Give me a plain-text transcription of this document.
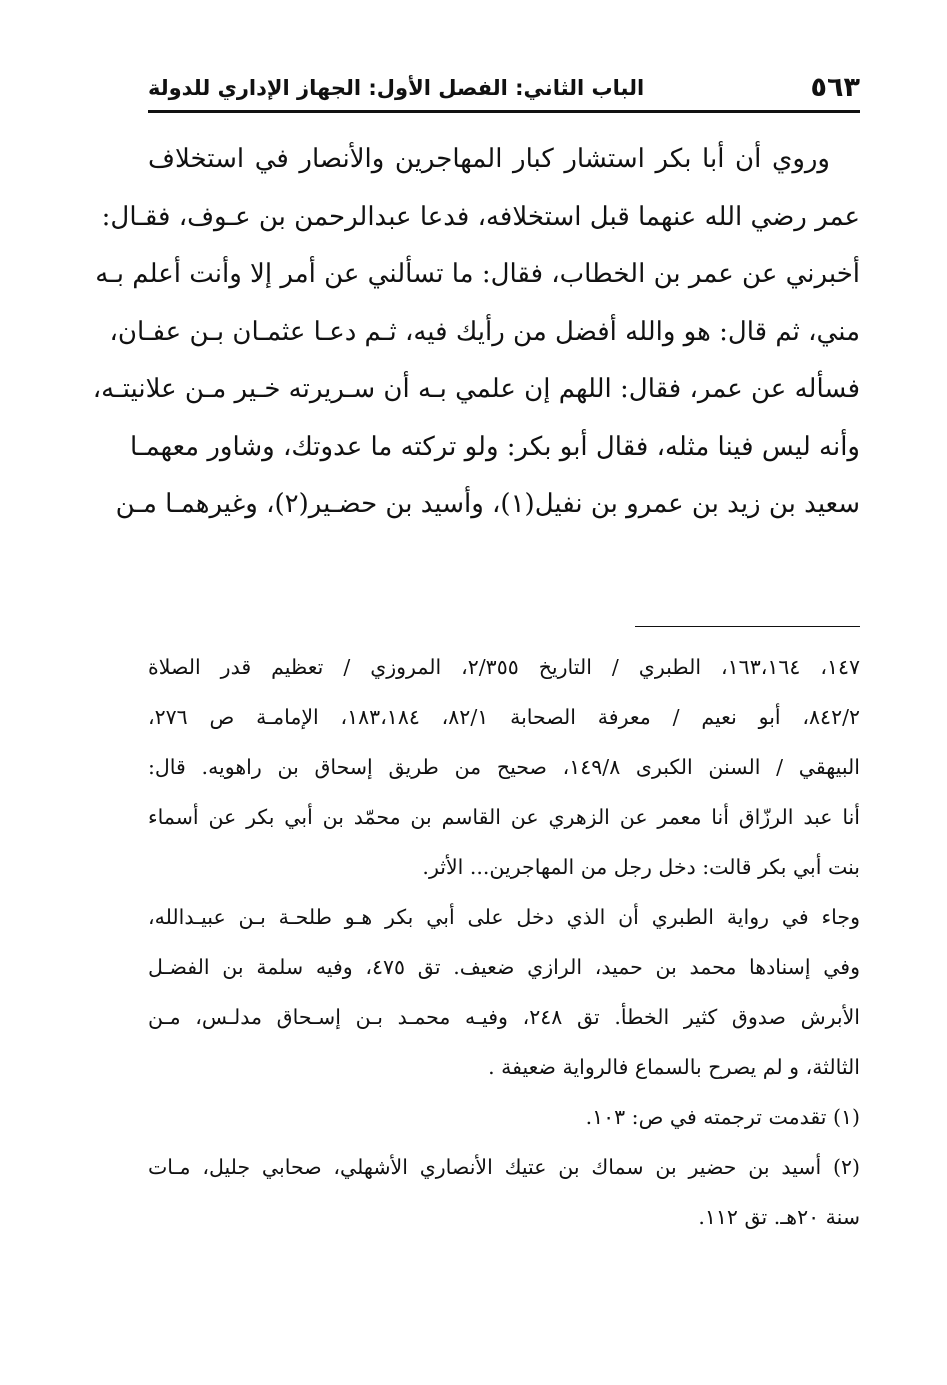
٥٦٣
الباب الثاني: الفصل الأول: الجهاز الإداري للدولة
وروي أن أبا بكر استشار كبار المهاجرين والأنصار في استخلاف
عمر رضي الله عنهما قبل استخلافه، فدعا عبدالرحمن بن عـوف، فقـال:
أخبرني عن عمر بن الخطاب، فقال: ما تسألني عن أمر إلا وأنت أعلم بـه
مني، ثم قال: هو والله أفضل من رأيك فيه، ثـم دعـا عثمـان بـن عفـان،
فسأله عن عمر، فقال: اللهم إن علمي بـه أن سـريرته خـير مـن علانيتـه،
وأنه ليس فينا مثله، فقال أبو بكر: ولو تركته ما عدوتك، وشاور معهمـا
سعيد بن زيد بن عمرو بن نفيل(١)، وأسيد بن حضـير(٢)، وغيرهمـا مـن
١٤٧، ١٦٣،١٦٤، الطبري / التاريخ ٢/٣٥٥، المروزي / تعظيم قدر الصلاة
٨٤٢/٢، أبو نعيم / معرفة الصحابة ٨٢/١، ١٨٣،١٨٤، الإمامـة ص ٢٧٦،
البيهقي / السنن الكبرى ١٤٩/٨، صحيح من طريق إسحاق بن راهويه. قال:
أنا عبد الرزّاق أنا معمر عن الزهري عن القاسم بن محمّد بن أبي بكر عن أسماء
بنت أبي بكر قالت: دخل رجل من المهاجرين... الأثر.
وجاء في رواية الطبري أن الذي دخل على أبي بكر هـو طلحـة بـن عبيـدالله،
وفي إسنادها محمد بن حميد، الرازي ضعيف. تق ٤٧٥، وفيه سلمة بن الفضـل
الأبرش صدوق كثير الخطأ. تق ٢٤٨، وفيـه محمـد بـن إسـحاق مدلـس، مـن
الثالثة، و لم يصرح بالسماع فالرواية ضعيفة .
(١) تقدمت ترجمته في ص: ١٠٣.
(٢) أسيد بن حضير بن سماك بن عتيك الأنصاري الأشهلي، صحابي جليل، مـات
سنة ٢٠هـ. تق ١١٢.
